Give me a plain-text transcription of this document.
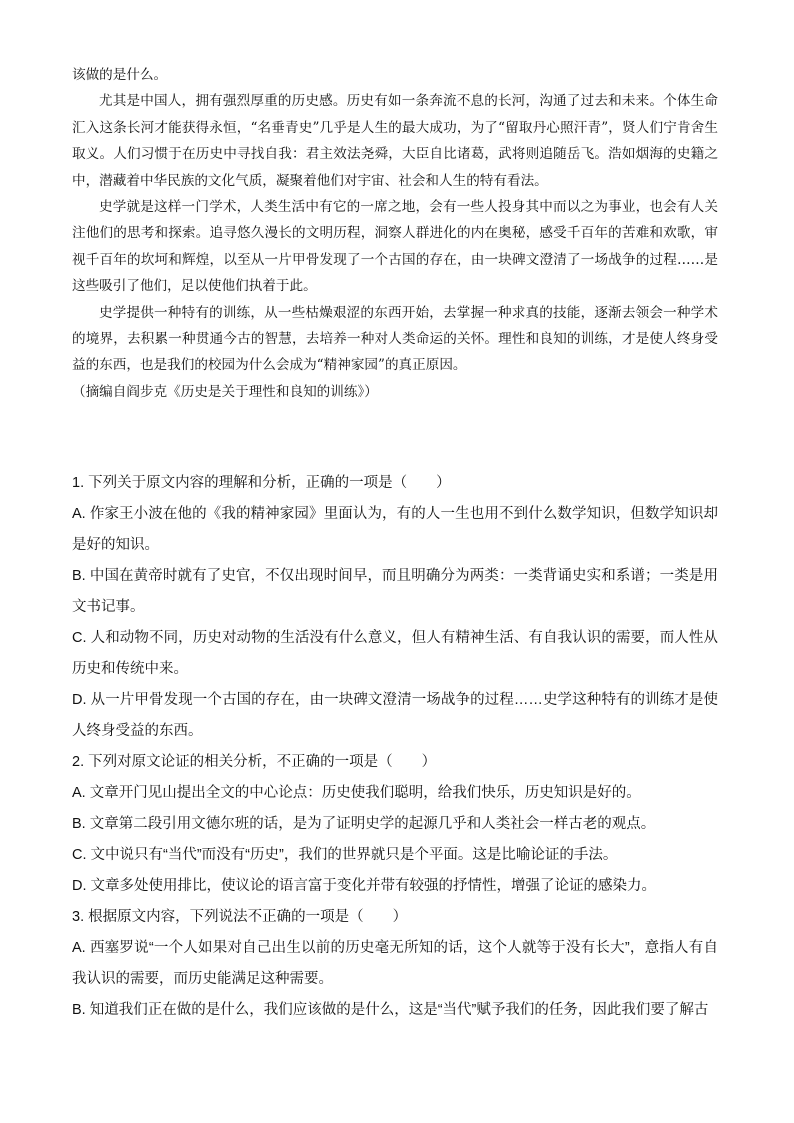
该做的是什么。

尤其是中国人，拥有强烈厚重的历史感。历史有如一条奔流不息的长河，沟通了过去和未来。个体生命汇入这条长河才能获得永恒，“名垂青史”几乎是人生的最大成功，为了“留取丹心照汗青”，贤人们宁肯舍生取义。人们习惯于在历史中寻找自我：君主效法尧舜，大臣自比诸葛，武将则追随岳飞。浩如烟海的史籍之中，潜藏着中华民族的文化气质，凝聚着他们对宇宙、社会和人生的特有看法。

史学就是这样一门学术，人类生活中有它的一席之地，会有一些人投身其中而以之为事业，也会有人关注他们的思考和探索。追寻悠久漫长的文明历程，洞察人群进化的内在奥秘，感受千百年的苦难和欢歌，审视千百年的坎坷和辉煌，以至从一片甲骨发现了一个古国的存在，由一块碑文澄清了一场战争的过程……是这些吸引了他们，足以使他们执着于此。

史学提供一种特有的训练，从一些枯燥艰涩的东西开始，去掌握一种求真的技能，逐渐去领会一种学术的境界，去积累一种贯通今古的智慧，去培养一种对人类命运的关怀。理性和良知的训练，才是使人终身受益的东西，也是我们的校园为什么会成为“精神家园”的真正原因。

（摘编自阎步克《历史是关于理性和良知的训练》）

1. 下列关于原文内容的理解和分析，正确的一项是（　　）

A. 作家王小波在他的《我的精神家园》里面认为，有的人一生也用不到什么数学知识，但数学知识却是好的知识。

B. 中国在黄帝时就有了史官，不仅出现时间早，而且明确分为两类：一类背诵史实和系谱；一类是用文书记事。

C. 人和动物不同，历史对动物的生活没有什么意义，但人有精神生活、有自我认识的需要，而人性从历史和传统中来。

D. 从一片甲骨发现一个古国的存在，由一块碑文澄清一场战争的过程……史学这种特有的训练才是使人终身受益的东西。

2. 下列对原文论证的相关分析，不正确的一项是（　　）

A. 文章开门见山提出全文的中心论点：历史使我们聪明，给我们快乐，历史知识是好的。

B. 文章第二段引用文德尔班的话，是为了证明史学的起源几乎和人类社会一样古老的观点。

C. 文中说只有“当代”而没有“历史”，我们的世界就只是个平面。这是比喻论证的手法。

D. 文章多处使用排比，使议论的语言富于变化并带有较强的抒情性，增强了论证的感染力。

3. 根据原文内容，下列说法不正确的一项是（　　）

A. 西塞罗说“一个人如果对自己出生以前的历史毫无所知的话，这个人就等于没有长大”，意指人有自我认识的需要，而历史能满足这种需要。

B. 知道我们正在做的是什么，我们应该做的是什么，这是“当代”赋予我们的任务，因此我们要了解古
